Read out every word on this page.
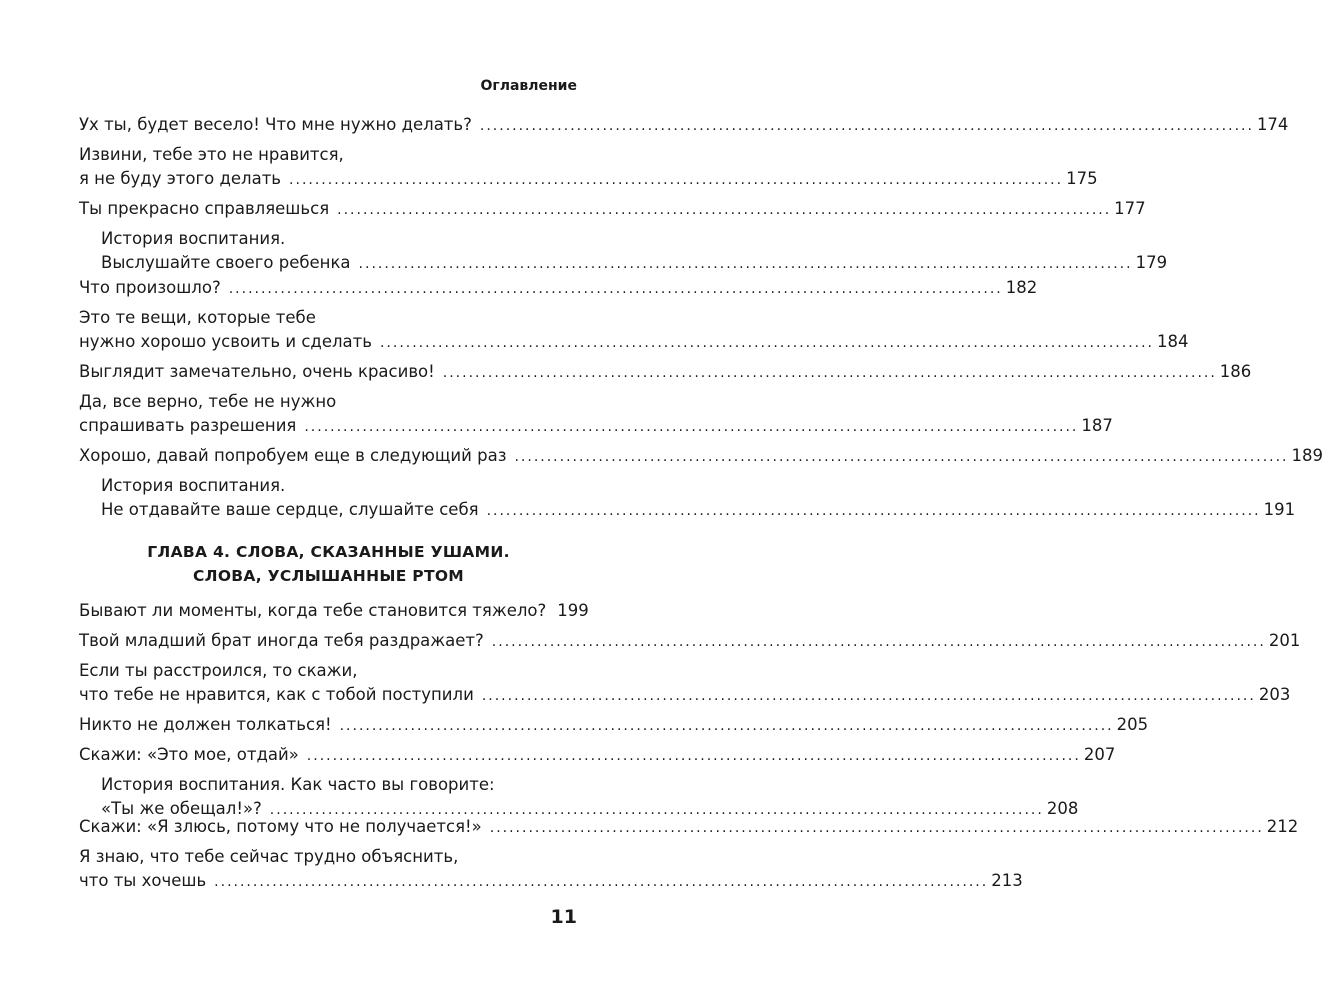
Оглавление
Ух ты, будет весело! Что мне нужно делать? ........................................................................................................................ 174
Извини, тебе это не нравится,
я не буду этого делать ........................................................................................................................ 175
Ты прекрасно справляешься ........................................................................................................................ 177
История воспитания.
Выслушайте своего ребенка ........................................................................................................................ 179
Что произошло? ........................................................................................................................ 182
Это те вещи, которые тебе
нужно хорошо усвоить и сделать ........................................................................................................................ 184
Выглядит замечательно, очень красиво! ........................................................................................................................ 186
Да, все верно, тебе не нужно
спрашивать разрешения ........................................................................................................................ 187
Хорошо, давай попробуем еще в следующий раз ........................................................................................................................ 189
История воспитания.
Не отдавайте ваше сердце, слушайте себя ........................................................................................................................ 191
ГЛАВА 4. СЛОВА, СКАЗАННЫЕ УШАМИ.
СЛОВА, УСЛЫШАННЫЕ РТОМ
Бывают ли моменты, когда тебе становится тяжело? 199
Твой младший брат иногда тебя раздражает? ........................................................................................................................ 201
Если ты расстроился, то скажи,
что тебе не нравится, как с тобой поступили ........................................................................................................................ 203
Никто не должен толкаться! ........................................................................................................................ 205
Скажи: «Это мое, отдай» ........................................................................................................................ 207
История воспитания. Как часто вы говорите:
«Ты же обещал!»? ........................................................................................................................ 208
Скажи: «Я злюсь, потому что не получается!» ........................................................................................................................ 212
Я знаю, что тебе сейчас трудно объяснить,
что ты хочешь ........................................................................................................................ 213
11
